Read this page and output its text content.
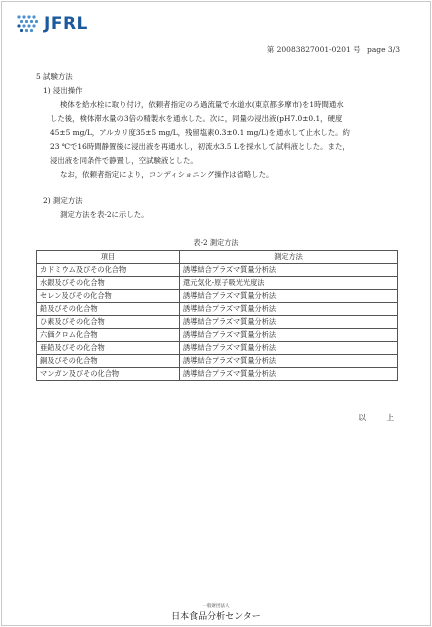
JFRL
第 20083827001-0201 号 page 3/3
5 試験方法
1) 浸出操作

検体を給水栓に取り付け，依頼者指定のろ過流量で水道水(東京都多摩市)を1時間通水

した後，検体滞水量の3倍の精製水を通水した。次に，同量の浸出液(pH7.0±0.1，硬度

45±5 mg/L，アルカリ度35±5 mg/L，残留塩素0.3±0.1 mg/L)を通水して止水した。約

23 ℃で16時間静置後に浸出液を再通水し，初流水3.5 Lを採水して試料液とした。また，

浸出液を同条件で静置し，空試験液とした。

なお，依頼者指定により，コンディショニング操作は省略した。

2) 測定方法
測定方法を表-2に示した。
表-2 測定方法
項目	測定方法
カドミウム及びその化合物	誘導結合プラズマ質量分析法
水銀及びその化合物	還元気化-原子吸光光度法
セレン及びその化合物	誘導結合プラズマ質量分析法
鉛及びその化合物	誘導結合プラズマ質量分析法
ひ素及びその化合物	誘導結合プラズマ質量分析法
六価クロム化合物	誘導結合プラズマ質量分析法
亜鉛及びその化合物	誘導結合プラズマ質量分析法
銅及びその化合物	誘導結合プラズマ質量分析法
マンガン及びその化合物	誘導結合プラズマ質量分析法
以 上
一般財団法人
日本食品分析センター
